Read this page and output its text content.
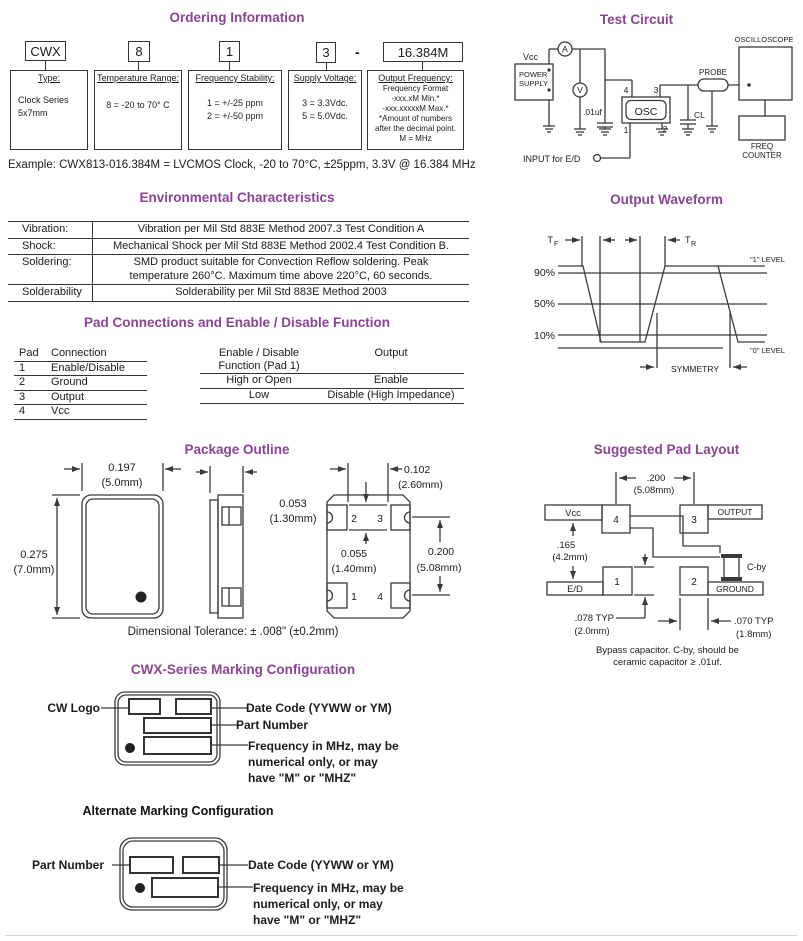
Ordering Information
CWX	8	1	3	-	16.384M
Type:
Clock Series
5x7mm
Temperature Range:
8 = -20 to 70° C
Frequency Stability:
1 = +/-25 ppm
2 = +/-50 ppm
Supply Voltage:
3 = 3.3Vdc.
5 = 5.0Vdc.
Output Frequency:
Frequency Format
-xxx.xM Min.*
-xxx.xxxxxM Max.*
*Amount of numbers
after the decimal point.
M = MHz
Example: CWX813-016.384M = LVCMOS Clock, -20 to 70°C, ±25ppm, 3.3V @ 16.384 MHz
Test Circuit
POWER
SUPPLY
Vcc
A
V
.01uf	OSC
4	3
1	2
CL
PROBE
OSCILLOSCOPE
FREQ
COUNTER
INPUT for E/D
Environmental Characteristics
Vibration:	Vibration per Mil Std 883E Method 2007.3 Test Condition A
Shock:	Mechanical Shock per Mil Std 883E Method 2002.4 Test Condition B.
Soldering:	SMD product suitable for Convection Reflow soldering. Peak
temperature 260°C. Maximum time above 220°C, 60 seconds.
Solderability	Solderability per Mil Std 883E Method 2003
Output Waveform
T F	T R
90%
50%
10%
"1" LEVEL
"0" LEVEL
SYMMETRY
Pad Connections and Enable / Disable Function
Pad	Connection
1	Enable/Disable
2	Ground
3	Output
4	Vcc
Enable / Disable
Function (Pad 1)
Output
High or Open	Enable
Low	Disable (High Impedance)
Package Outline
0.197
(5.0mm)
0.275
(7.0mm)
0.053
(1.30mm)	2 3
1 4
0.055
(1.40mm)
0.102
(2.60mm)
0.200
(5.08mm)
Dimensional Tolerance: ± .008" (±0.2mm)
Suggested Pad Layout
Vcc
4	3
OUTPUT
1
E/D
2
GROUND
C-by
.200
(5.08mm)
.165
(4.2mm)
.078 TYP
(2.0mm)
.070 TYP
(1.8mm)
Bypass capacitor. C-by, should be
ceramic capacitor ≥ .01uf.
CWX-Series Marking Configuration
CW Logo	Date Code (YYWW or YM)
Part Number
Frequency in MHz, may be
numerical only, or may
have "M" or "MHZ"
Alternate Marking Configuration
Part Number	Date Code (YYWW or YM)
Frequency in MHz, may be
numerical only, or may
have "M" or "MHZ"
